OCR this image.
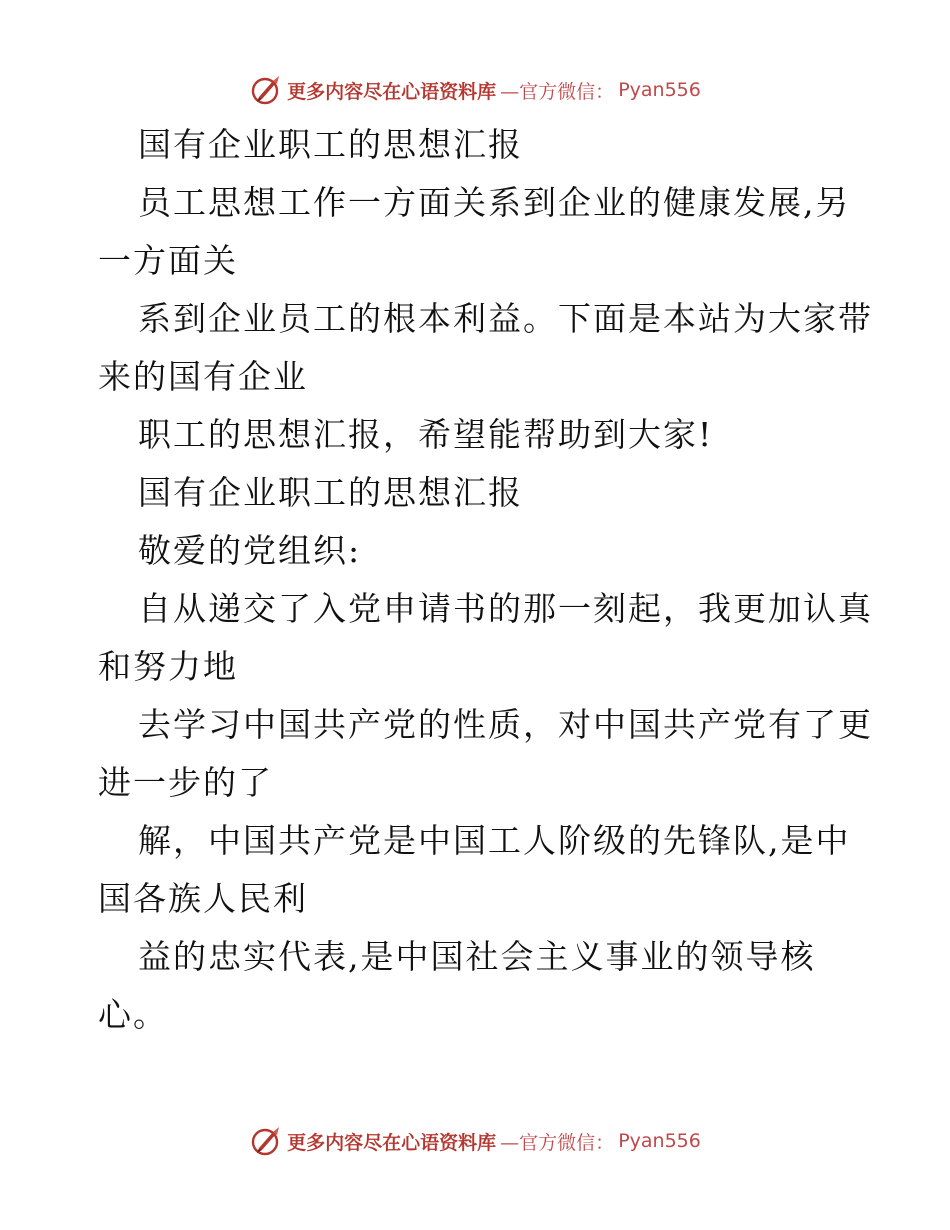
更多内容尽在心语资料库 —官方微信： Pyan556
国有企业职工的思想汇报
员工思想工作一方面关系到企业的健康发展,另
一方面关
系到企业员工的根本利益。下面是本站为大家带
来的国有企业
职工的思想汇报，希望能帮助到大家!
国有企业职工的思想汇报
敬爱的党组织:
自从递交了入党申请书的那一刻起，我更加认真
和努力地
去学习中国共产党的性质，对中国共产党有了更
进一步的了
解，中国共产党是中国工人阶级的先锋队,是中
国各族人民利
益的忠实代表,是中国社会主义事业的领导核
心。
更多内容尽在心语资料库 —官方微信： Pyan556
